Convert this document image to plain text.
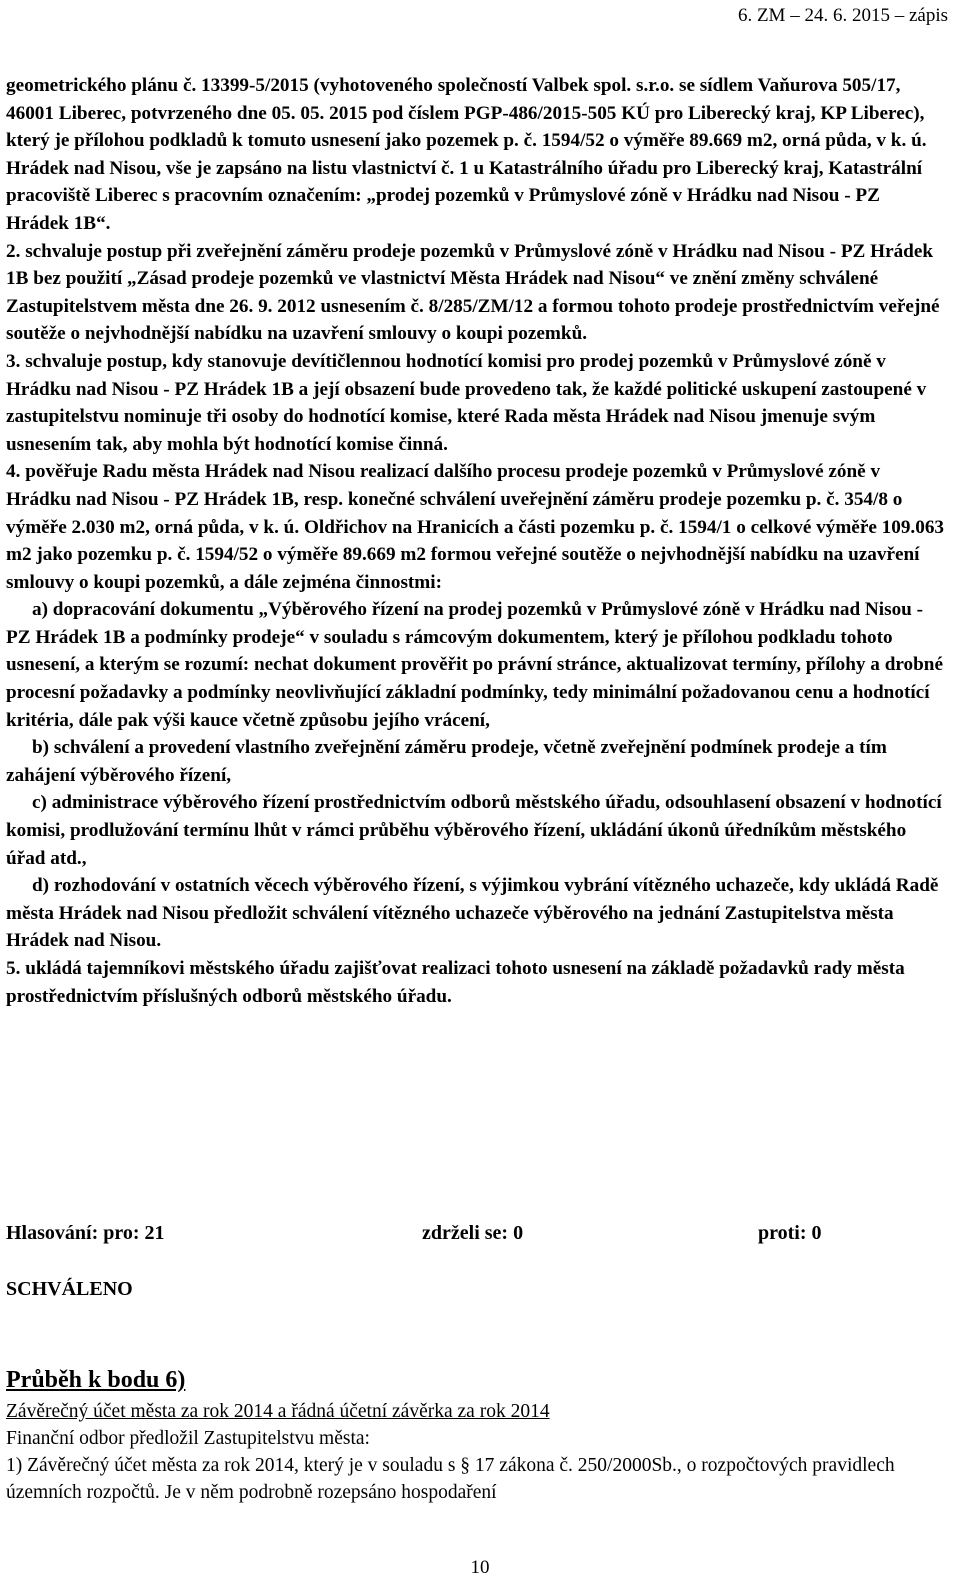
6. ZM – 24. 6. 2015 – zápis

geometrického plánu č. 13399-5/2015 (vyhotoveného společností Valbek spol. s.r.o. se sídlem Vaňurova 505/17, 46001 Liberec, potvrzeného dne 05. 05. 2015 pod číslem PGP-486/2015-505 KÚ pro Liberecký kraj, KP Liberec), který je přílohou podkladů k tomuto usnesení jako pozemek p. č. 1594/52 o výměře 89.669 m2, orná půda, v k. ú. Hrádek nad Nisou, vše je zapsáno na listu vlastnictví č. 1 u Katastrálního úřadu pro Liberecký kraj, Katastrální pracoviště Liberec s pracovním označením: „prodej pozemků v Průmyslové zóně v Hrádku nad Nisou - PZ Hrádek 1B“.

2. schvaluje postup při zveřejnění záměru prodeje pozemků v Průmyslové zóně v Hrádku nad Nisou - PZ Hrádek 1B bez použití „Zásad prodeje pozemků ve vlastnictví Města Hrádek nad Nisou“ ve znění změny schválené Zastupitelstvem města dne 26. 9. 2012 usnesením č. 8/285/ZM/12 a formou tohoto prodeje prostřednictvím veřejné soutěže o nejvhodnější nabídku na uzavření smlouvy o koupi pozemků.

3. schvaluje postup, kdy stanovuje devítičlennou hodnotící komisi pro prodej pozemků v Průmyslové zóně v Hrádku nad Nisou - PZ Hrádek 1B a její obsazení bude provedeno tak, že každé politické uskupení zastoupené v zastupitelstvu nominuje tři osoby do hodnotící komise, které Rada města Hrádek nad Nisou jmenuje svým usnesením tak, aby mohla být hodnotící komise činná.

4. pověřuje Radu města Hrádek nad Nisou realizací dalšího procesu prodeje pozemků v Průmyslové zóně v Hrádku nad Nisou - PZ Hrádek 1B, resp. konečné schválení uveřejnění záměru prodeje pozemku p. č. 354/8 o výměře 2.030 m2, orná půda, v k. ú. Oldřichov na Hranicích a části pozemku p. č. 1594/1 o celkové výměře 109.063 m2 jako pozemku p. č. 1594/52 o výměře 89.669 m2 formou veřejné soutěže o nejvhodnější nabídku na uzavření smlouvy o koupi pozemků, a dále zejména činnostmi:

a) dopracování dokumentu „Výběrového řízení na prodej pozemků v Průmyslové zóně v Hrádku nad Nisou - PZ Hrádek 1B a podmínky prodeje“ v souladu s rámcovým dokumentem, který je přílohou podkladu tohoto usnesení, a kterým se rozumí: nechat dokument prověřit po právní stránce, aktualizovat termíny, přílohy a drobné procesní požadavky a podmínky neovlivňující základní podmínky, tedy minimální požadovanou cenu a hodnotící kritéria, dále pak výši kauce včetně způsobu jejího vrácení,

b) schválení a provedení vlastního zveřejnění záměru prodeje, včetně zveřejnění podmínek prodeje a tím zahájení výběrového řízení,

c) administrace výběrového řízení prostřednictvím odborů městského úřadu, odsouhlasení obsazení v hodnotící komisi, prodlužování termínu lhůt v rámci průběhu výběrového řízení, ukládání úkonů úředníkům městského úřad atd.,

d) rozhodování v ostatních věcech výběrového řízení, s výjimkou vybrání vítězného uchazeče, kdy ukládá Radě města Hrádek nad Nisou předložit schválení vítězného uchazeče výběrového na jednání Zastupitelstva města Hrádek nad Nisou.

5. ukládá tajemníkovi městského úřadu zajišťovat realizaci tohoto usnesení na základě požadavků rady města prostřednictvím příslušných odborů městského úřadu.

Hlasování: pro: 21	zdrželi se: 0	proti: 0
SCHVÁLENO
Průběh k bodu 6)
Závěrečný účet města za rok 2014 a řádná účetní závěrka za rok 2014
Finanční odbor předložil Zastupitelstvu města:
1) Závěrečný účet města za rok 2014, který je v souladu s § 17 zákona č. 250/2000Sb., o rozpočtových pravidlech územních rozpočtů. Je v něm podrobně rozepsáno hospodaření
10
